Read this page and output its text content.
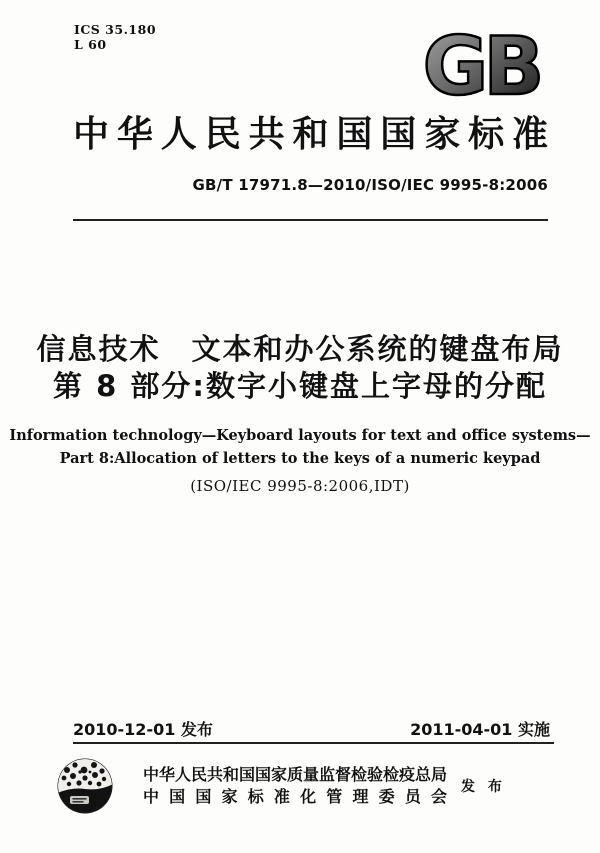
ICS 35.180
L 60	GB
中华人民共和国国家标准
GB/T 17971.8—2010/ISO/IEC 9995-8:2006
信息技术　文本和办公系统的键盘布局
第 8 部分:数字小键盘上字母的分配
Information technology—Keyboard layouts for text and office systems—
Part 8:Allocation of letters to the keys of a numeric keypad
(ISO/IEC 9995-8:2006,IDT)
2010-12-01 发布	2011-04-01 实施
中华人民共和国国家质量监督检验检疫总局
中国国家标准化管理委员会 发 布
